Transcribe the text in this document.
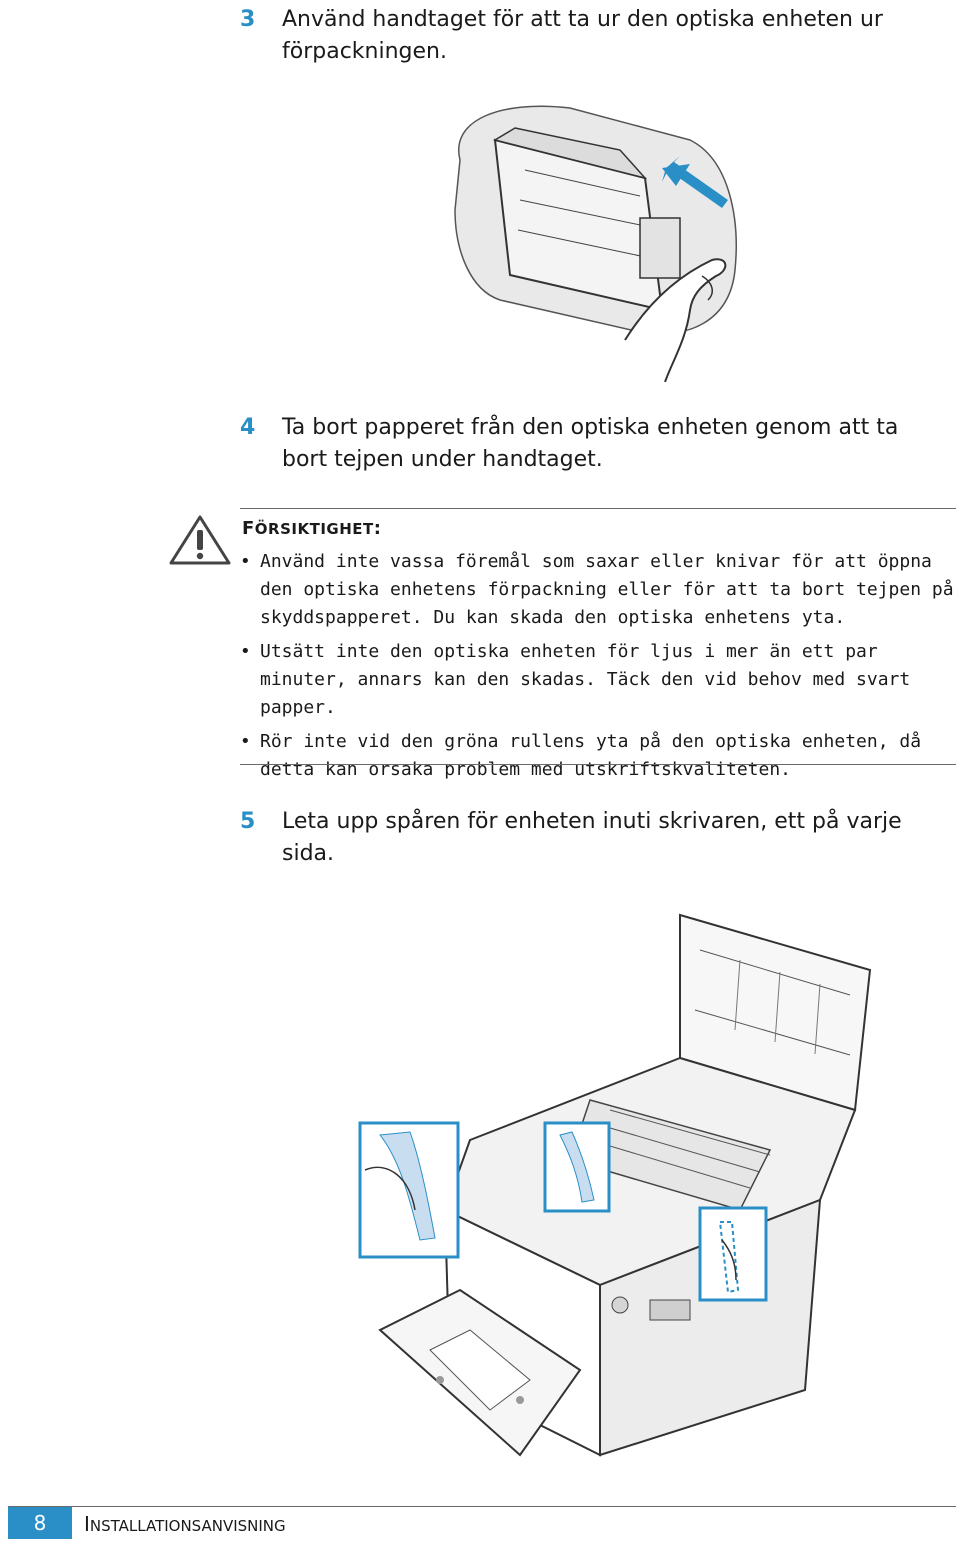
3 Använd handtaget för att ta ur den optiska enheten ur förpackningen.
4 Ta bort papperet från den optiska enheten genom att ta bort tejpen under handtaget.
FÖRSIKTIGHET:
• Använd inte vassa föremål som saxar eller knivar för att öppna den optiska enhetens förpackning eller för att ta bort tejpen på skyddspapperet. Du kan skada den optiska enhetens yta.
• Utsätt inte den optiska enheten för ljus i mer än ett par minuter, annars kan den skadas. Täck den vid behov med svart papper.
• Rör inte vid den gröna rullens yta på den optiska enheten, då detta kan orsaka problem med utskriftskvaliteten.
5 Leta upp spåren för enheten inuti skrivaren, ett på varje sida.
8	INSTALLATIONSANVISNING
